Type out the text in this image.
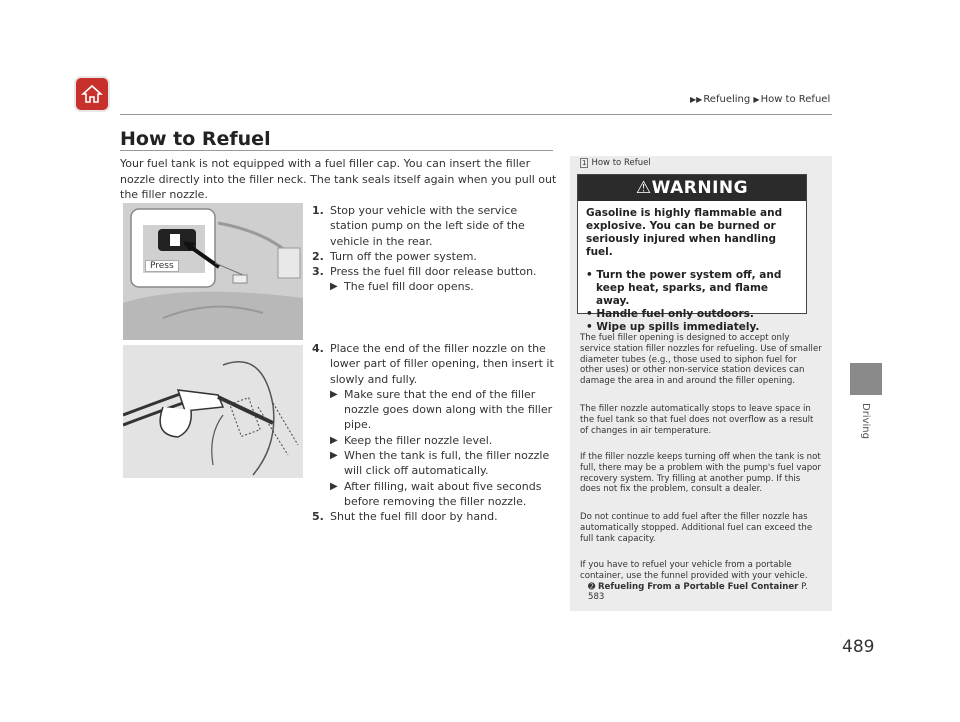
▶▶Refueling ▶How to Refuel
How to Refuel
Driving
489
Your fuel tank is not equipped with a fuel filler cap. You can insert the filler nozzle directly into the filler neck. The tank seals itself again when you pull out the filler nozzle.
Press
1. Stop your vehicle with the service station pump on the left side of the vehicle in the rear.
2. Turn off the power system.
3. Press the fuel fill door release button.
▶ The fuel fill door opens.
4. Place the end of the filler nozzle on the lower part of filler opening, then insert it slowly and fully.
▶ Make sure that the end of the filler nozzle goes down along with the filler pipe.
▶ Keep the filler nozzle level.
▶ When the tank is full, the filler nozzle will click off automatically.
▶ After filling, wait about five seconds before removing the filler nozzle.
5. Shut the fuel fill door by hand.
1 How to Refuel
⚠WARNING

Gasoline is highly flammable and explosive. You can be burned or seriously injured when handling fuel.

• Turn the power system off, and keep heat, sparks, and flame away.
• Handle fuel only outdoors.
• Wipe up spills immediately.
The fuel filler opening is designed to accept only service station filler nozzles for refueling. Use of smaller diameter tubes (e.g., those used to siphon fuel for other uses) or other non-service station devices can damage the area in and around the filler opening.
The filler nozzle automatically stops to leave space in the fuel tank so that fuel does not overflow as a result of changes in air temperature.
If the filler nozzle keeps turning off when the tank is not full, there may be a problem with the pump's fuel vapor recovery system. Try filling at another pump. If this does not fix the problem, consult a dealer.
Do not continue to add fuel after the filler nozzle has automatically stopped. Additional fuel can exceed the full tank capacity.
If you have to refuel your vehicle from a portable container, use the funnel provided with your vehicle.
➋ Refueling From a Portable Fuel Container P. 583
